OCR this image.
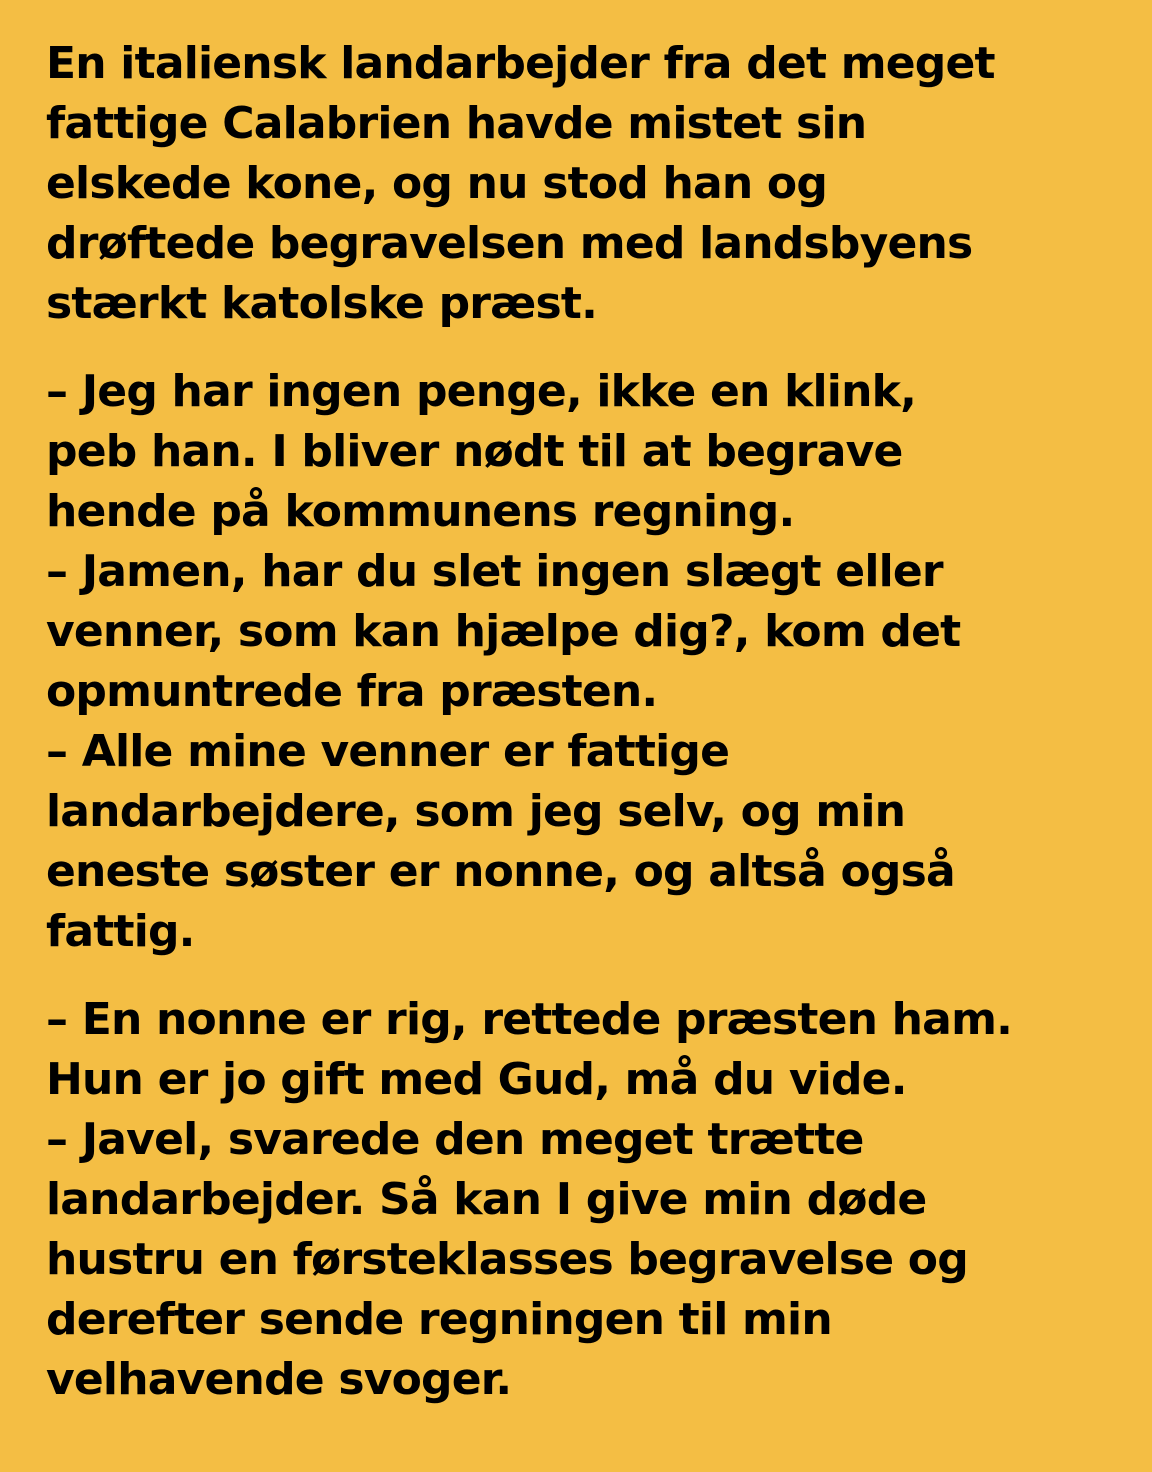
En italiensk landarbejder fra det meget
fattige Calabrien havde mistet sin
elskede kone, og nu stod han og
drøftede begravelsen med landsbyens
stærkt katolske præst.
– Jeg har ingen penge, ikke en klink,
peb han. I bliver nødt til at begrave
hende på kommunens regning.
– Jamen, har du slet ingen slægt eller
venner, som kan hjælpe dig?, kom det
opmuntrede fra præsten.
– Alle mine venner er fattige
landarbejdere, som jeg selv, og min
eneste søster er nonne, og altså også
fattig.
– En nonne er rig, rettede præsten ham.
Hun er jo gift med Gud, må du vide.
– Javel, svarede den meget trætte
landarbejder. Så kan I give min døde
hustru en førsteklasses begravelse og
derefter sende regningen til min
velhavende svoger.
